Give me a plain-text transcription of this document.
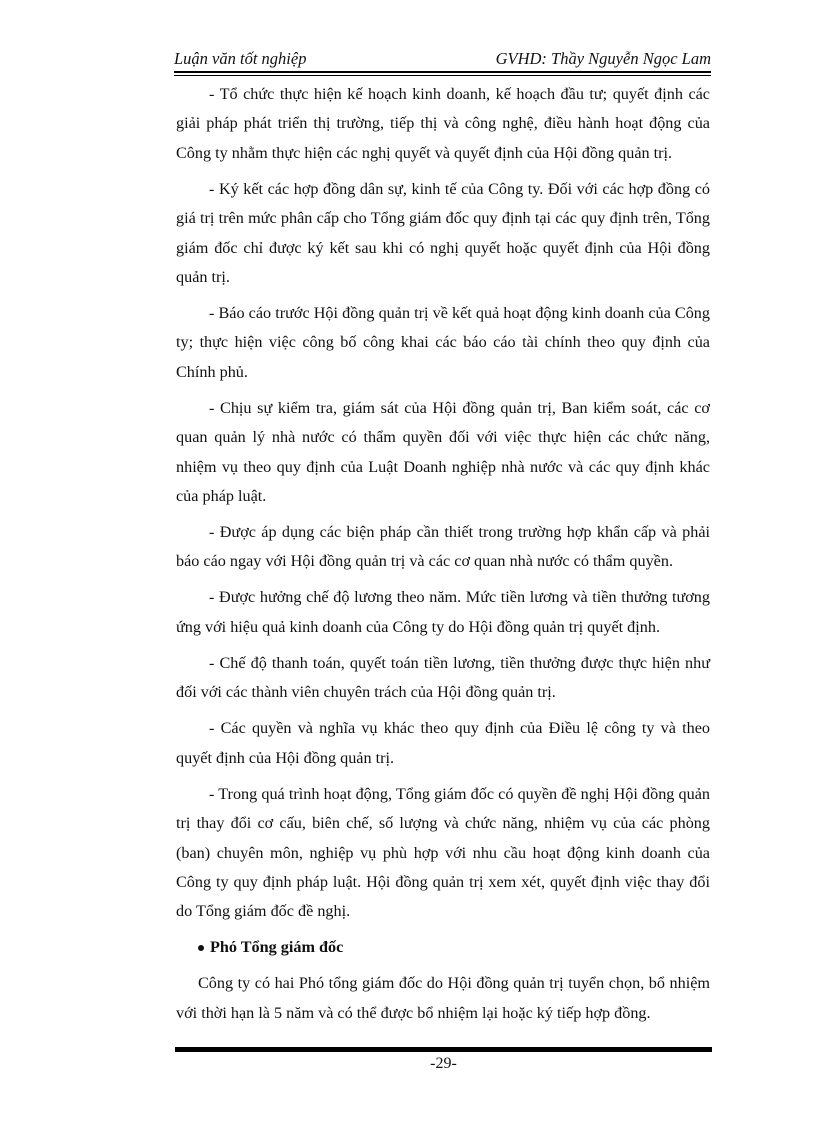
Luận văn tốt nghiệp	GVHD: Thầy Nguyễn Ngọc Lam

- Tổ chức thực hiện kế hoạch kinh doanh, kế hoạch đầu tư; quyết định các giải pháp phát triển thị trường, tiếp thị và công nghệ, điều hành hoạt động của Công ty nhằm thực hiện các nghị quyết và quyết định của Hội đồng quản trị.

- Ký kết các hợp đồng dân sự, kinh tế của Công ty. Đối với các hợp đồng có giá trị trên mức phân cấp cho Tổng giám đốc quy định tại các quy định trên, Tổng giám đốc chỉ được ký kết sau khi có nghị quyết hoặc quyết định của Hội đồng quản trị.

- Báo cáo trước Hội đồng quản trị về kết quả hoạt động kinh doanh của Công ty; thực hiện việc công bố công khai các báo cáo tài chính theo quy định của Chính phủ.

- Chịu sự kiểm tra, giám sát của Hội đồng quản trị, Ban kiểm soát, các cơ quan quản lý nhà nước có thẩm quyền đối với việc thực hiện các chức năng, nhiệm vụ theo quy định của Luật Doanh nghiệp nhà nước và các quy định khác của pháp luật.

- Được áp dụng các biện pháp cần thiết trong trường hợp khẩn cấp và phải báo cáo ngay với Hội đồng quản trị và các cơ quan nhà nước có thẩm quyền.

- Được hưởng chế độ lương theo năm. Mức tiền lương và tiền thưởng tương ứng với hiệu quả kinh doanh của Công ty do Hội đồng quản trị quyết định.

- Chế độ thanh toán, quyết toán tiền lương, tiền thưởng được thực hiện như đối với các thành viên chuyên trách của Hội đồng quản trị.

- Các quyền và nghĩa vụ khác theo quy định của Điều lệ công ty và theo quyết định của Hội đồng quản trị.

- Trong quá trình hoạt động, Tổng giám đốc có quyền đề nghị Hội đồng quản trị thay đổi cơ cấu, biên chế, số lượng và chức năng, nhiệm vụ của các phòng (ban) chuyên môn, nghiệp vụ phù hợp với nhu cầu hoạt động kinh doanh của Công ty quy định pháp luật. Hội đồng quản trị xem xét, quyết định việc thay đổi do Tổng giám đốc đề nghị.

Phó Tổng giám đốc

Công ty có hai Phó tổng giám đốc do Hội đồng quản trị tuyển chọn, bổ nhiệm với thời hạn là 5 năm và có thể được bổ nhiệm lại hoặc ký tiếp hợp đồng.

-29-
